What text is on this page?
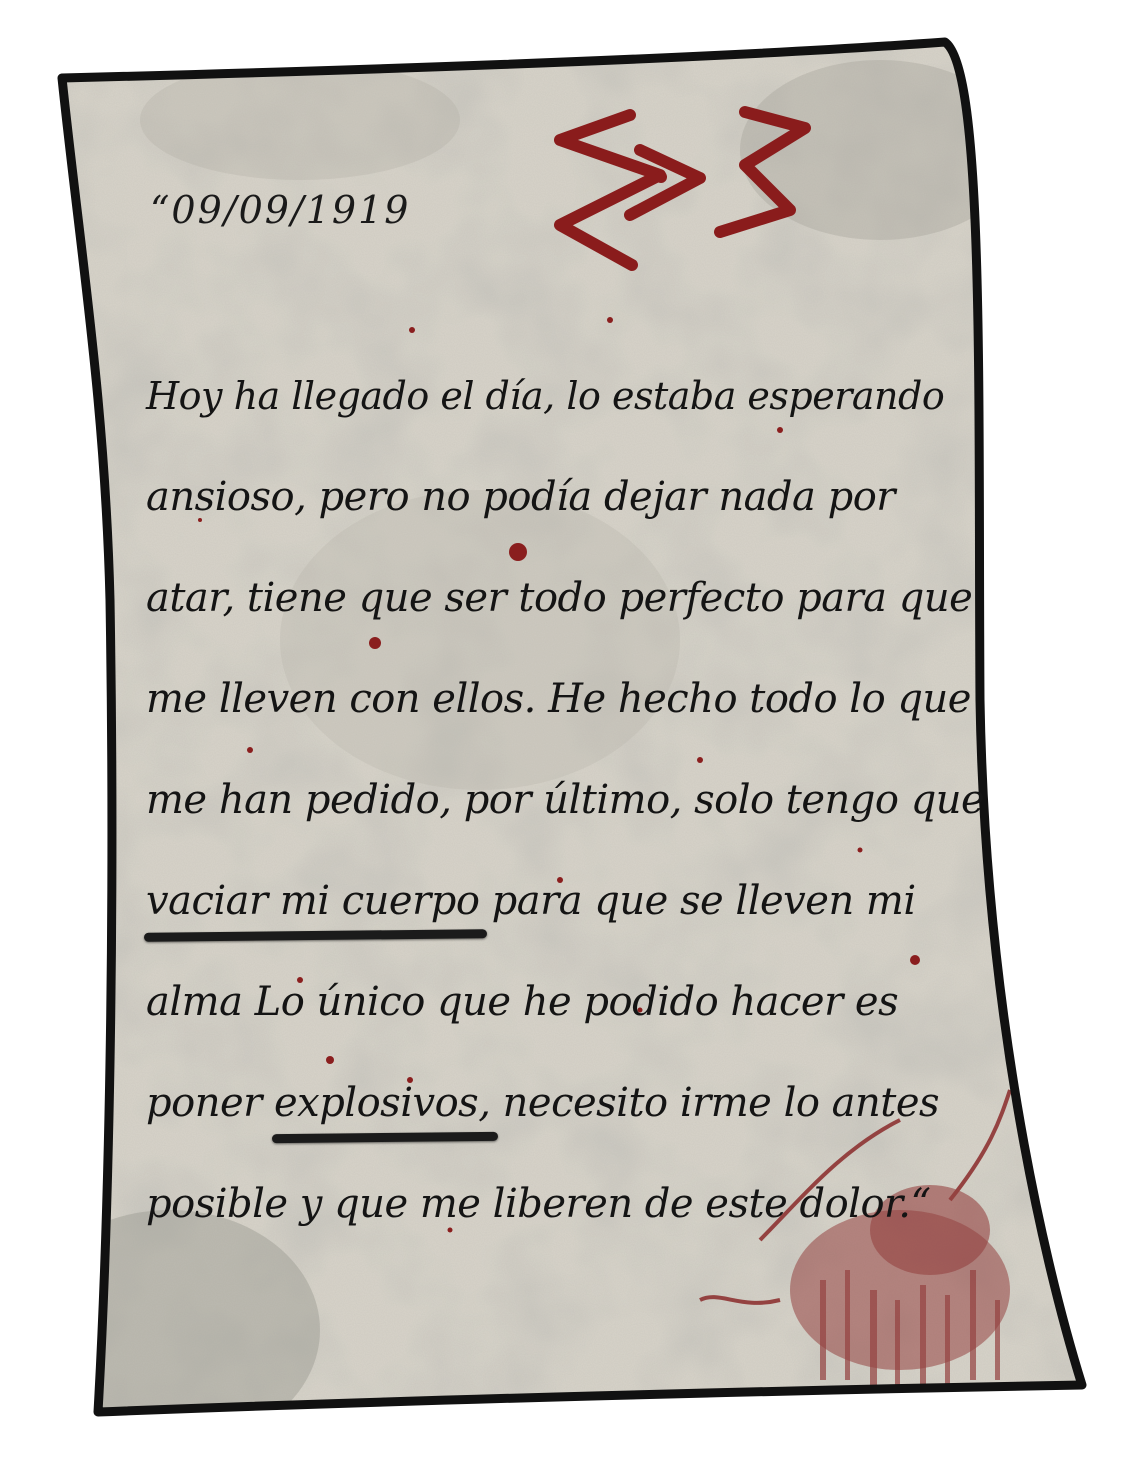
“09/09/1919
Hoy ha llegado el día, lo estaba esperando
ansioso, pero no podía dejar nada por
atar, tiene que ser todo perfecto para que
me lleven con ellos. He hecho todo lo que
me han pedido, por último, solo tengo que
vaciar mi cuerpo para que se lleven mi
alma Lo único que he podido hacer es
poner explosivos, necesito irme lo antes
posible y que me liberen de este dolor.“
